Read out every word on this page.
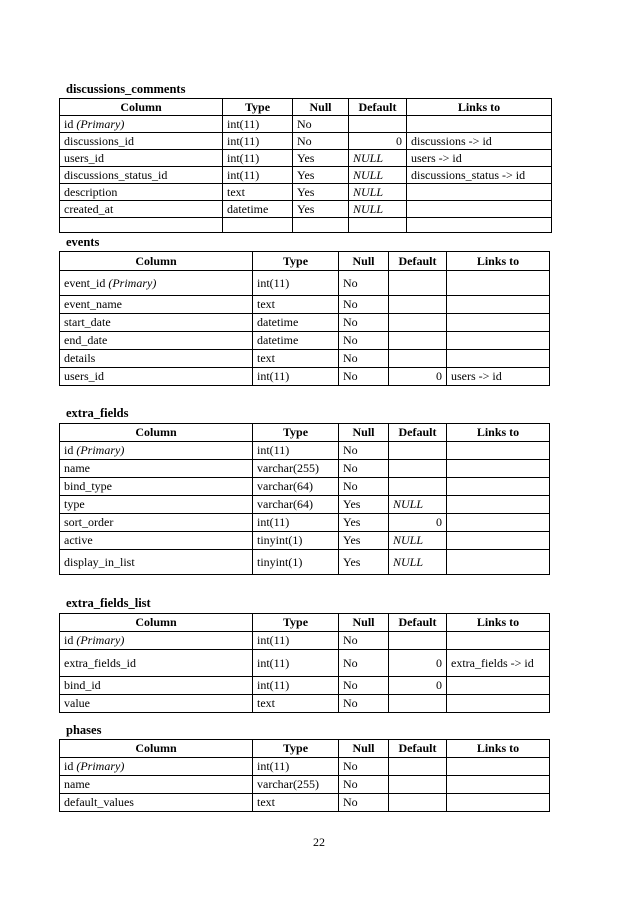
discussions_comments
Column	Type	Null	Default	Links to
id (Primary)	int(11)	No		
discussions_id	int(11)	No	0	discussions -> id
users_id	int(11)	Yes	NULL	users -> id
discussions_status_id	int(11)	Yes	NULL	discussions_status -> id
description	text	Yes	NULL	
created_at	datetime	Yes	NULL	

events
Column	Type	Null	Default	Links to
event_id (Primary)	int(11)	No		
event_name	text	No		
start_date	datetime	No		
end_date	datetime	No		
details	text	No		
users_id	int(11)	No	0	users -> id
extra_fields
Column	Type	Null	Default	Links to
id (Primary)	int(11)	No		
name	varchar(255)	No		
bind_type	varchar(64)	No		
type	varchar(64)	Yes	NULL	
sort_order	int(11)	Yes	0	
active	tinyint(1)	Yes	NULL	
display_in_list	tinyint(1)	Yes	NULL	
extra_fields_list
Column	Type	Null	Default	Links to
id (Primary)	int(11)	No		
extra_fields_id	int(11)	No	0	extra_fields -> id
bind_id	int(11)	No	0	
value	text	No		
phases
Column	Type	Null	Default	Links to
id (Primary)	int(11)	No		
name	varchar(255)	No		
default_values	text	No		
22
